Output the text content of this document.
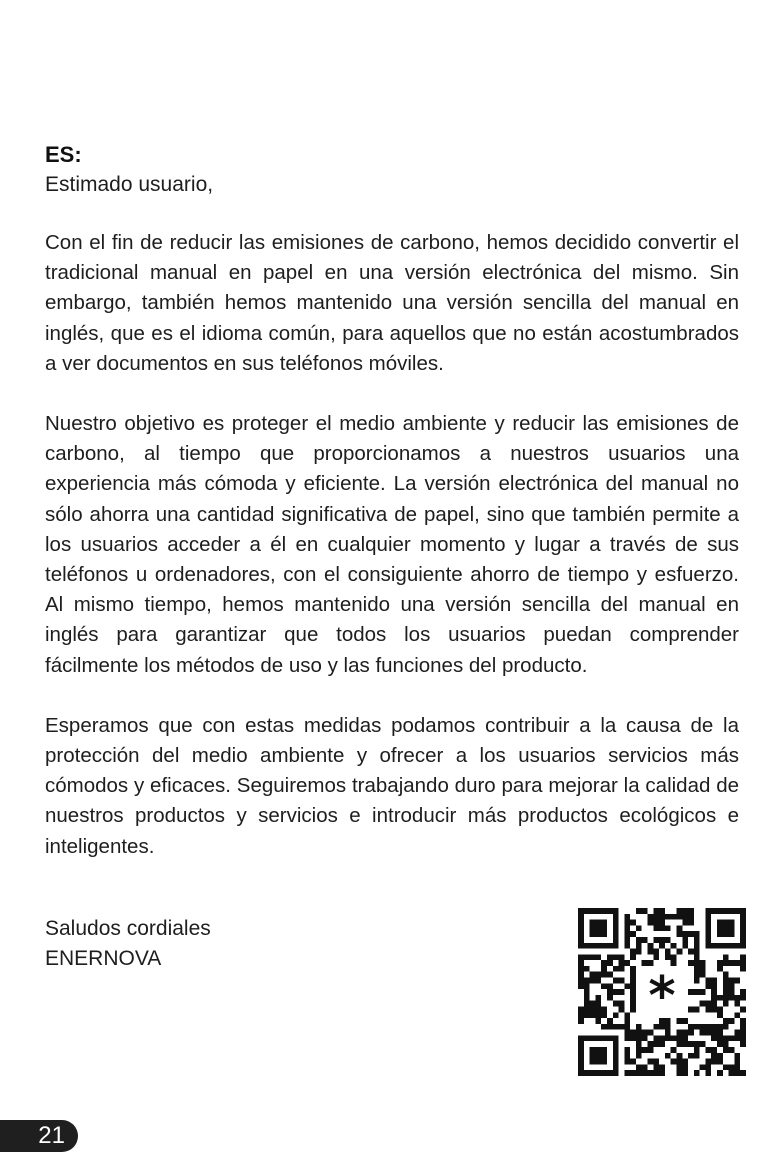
ES:

Estimado usuario,

Con el fin de reducir las emisiones de carbono, hemos decidido convertir el tradicional manual en papel en una versión electrónica del mismo. Sin embargo, también hemos mantenido una versión sencilla del manual en inglés, que es el idioma común, para aquellos que no están acostumbrados a ver documentos en sus teléfonos móviles.

Nuestro objetivo es proteger el medio ambiente y reducir las emisiones de carbono, al tiempo que proporcionamos a nuestros usuarios una experiencia más cómoda y eficiente. La versión electrónica del manual no sólo ahorra una cantidad significativa de papel, sino que también permite a los usuarios acceder a él en cualquier momento y lugar a través de sus teléfonos u ordenadores, con el consiguiente ahorro de tiempo y esfuerzo. Al mismo tiempo, hemos mantenido una versión sencilla del manual en inglés para garantizar que todos los usuarios puedan comprender fácilmente los métodos de uso y las funciones del producto.

Esperamos que con estas medidas podamos contribuir a la causa de la protección del medio ambiente y ofrecer a los usuarios servicios más cómodos y eficaces. Seguiremos trabajando duro para mejorar la calidad de nuestros productos y servicios e introducir más productos ecológicos e inteligentes.

Saludos cordiales
ENERNOVA
*
21
